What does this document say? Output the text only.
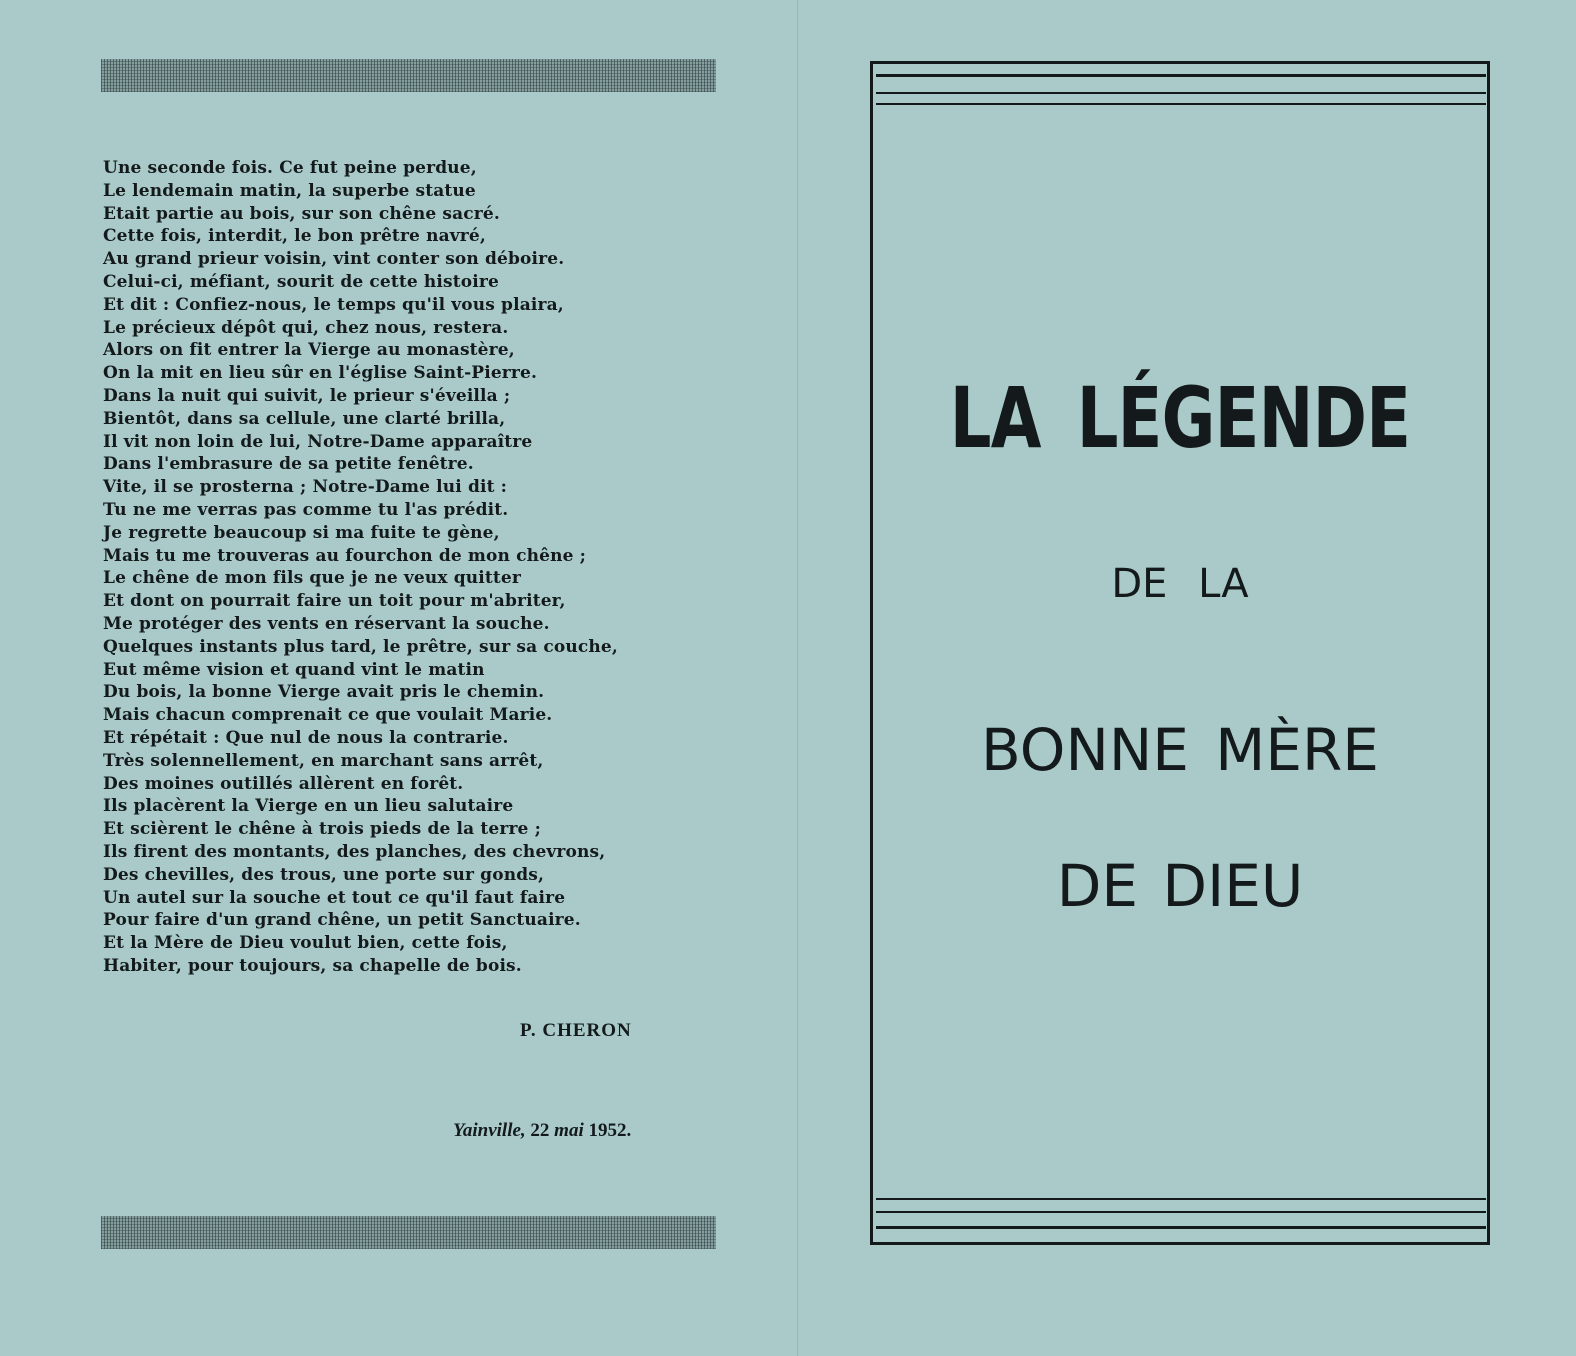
Une seconde fois. Ce fut peine perdue,
Le lendemain matin, la superbe statue
Etait partie au bois, sur son chêne sacré.
Cette fois, interdit, le bon prêtre navré,
Au grand prieur voisin, vint conter son déboire.
Celui-ci, méfiant, sourit de cette histoire
Et dit : Confiez-nous, le temps qu'il vous plaira,
Le précieux dépôt qui, chez nous, restera.
Alors on fit entrer la Vierge au monastère,
On la mit en lieu sûr en l'église Saint-Pierre.
Dans la nuit qui suivit, le prieur s'éveilla ;
Bientôt, dans sa cellule, une clarté brilla,
Il vit non loin de lui, Notre-Dame apparaître
Dans l'embrasure de sa petite fenêtre.
Vite, il se prosterna ; Notre-Dame lui dit :
Tu ne me verras pas comme tu l'as prédit.
Je regrette beaucoup si ma fuite te gène,
Mais tu me trouveras au fourchon de mon chêne ;
Le chêne de mon fils que je ne veux quitter
Et dont on pourrait faire un toit pour m'abriter,
Me protéger des vents en réservant la souche.
Quelques instants plus tard, le prêtre, sur sa couche,
Eut même vision et quand vint le matin
Du bois, la bonne Vierge avait pris le chemin.
Mais chacun comprenait ce que voulait Marie.
Et répétait : Que nul de nous la contrarie.
Très solennellement, en marchant sans arrêt,
Des moines outillés allèrent en forêt.
Ils placèrent la Vierge en un lieu salutaire
Et scièrent le chêne à trois pieds de la terre ;
Ils firent des montants, des planches, des chevrons,
Des chevilles, des trous, une porte sur gonds,
Un autel sur la souche et tout ce qu'il faut faire
Pour faire d'un grand chêne, un petit Sanctuaire.
Et la Mère de Dieu voulut bien, cette fois,
Habiter, pour toujours, sa chapelle de bois.
P. CHERON
Yainville, 22 mai 1952.
LA LÉGENDE
DE LA
BONNE MÈRE
DE DIEU
